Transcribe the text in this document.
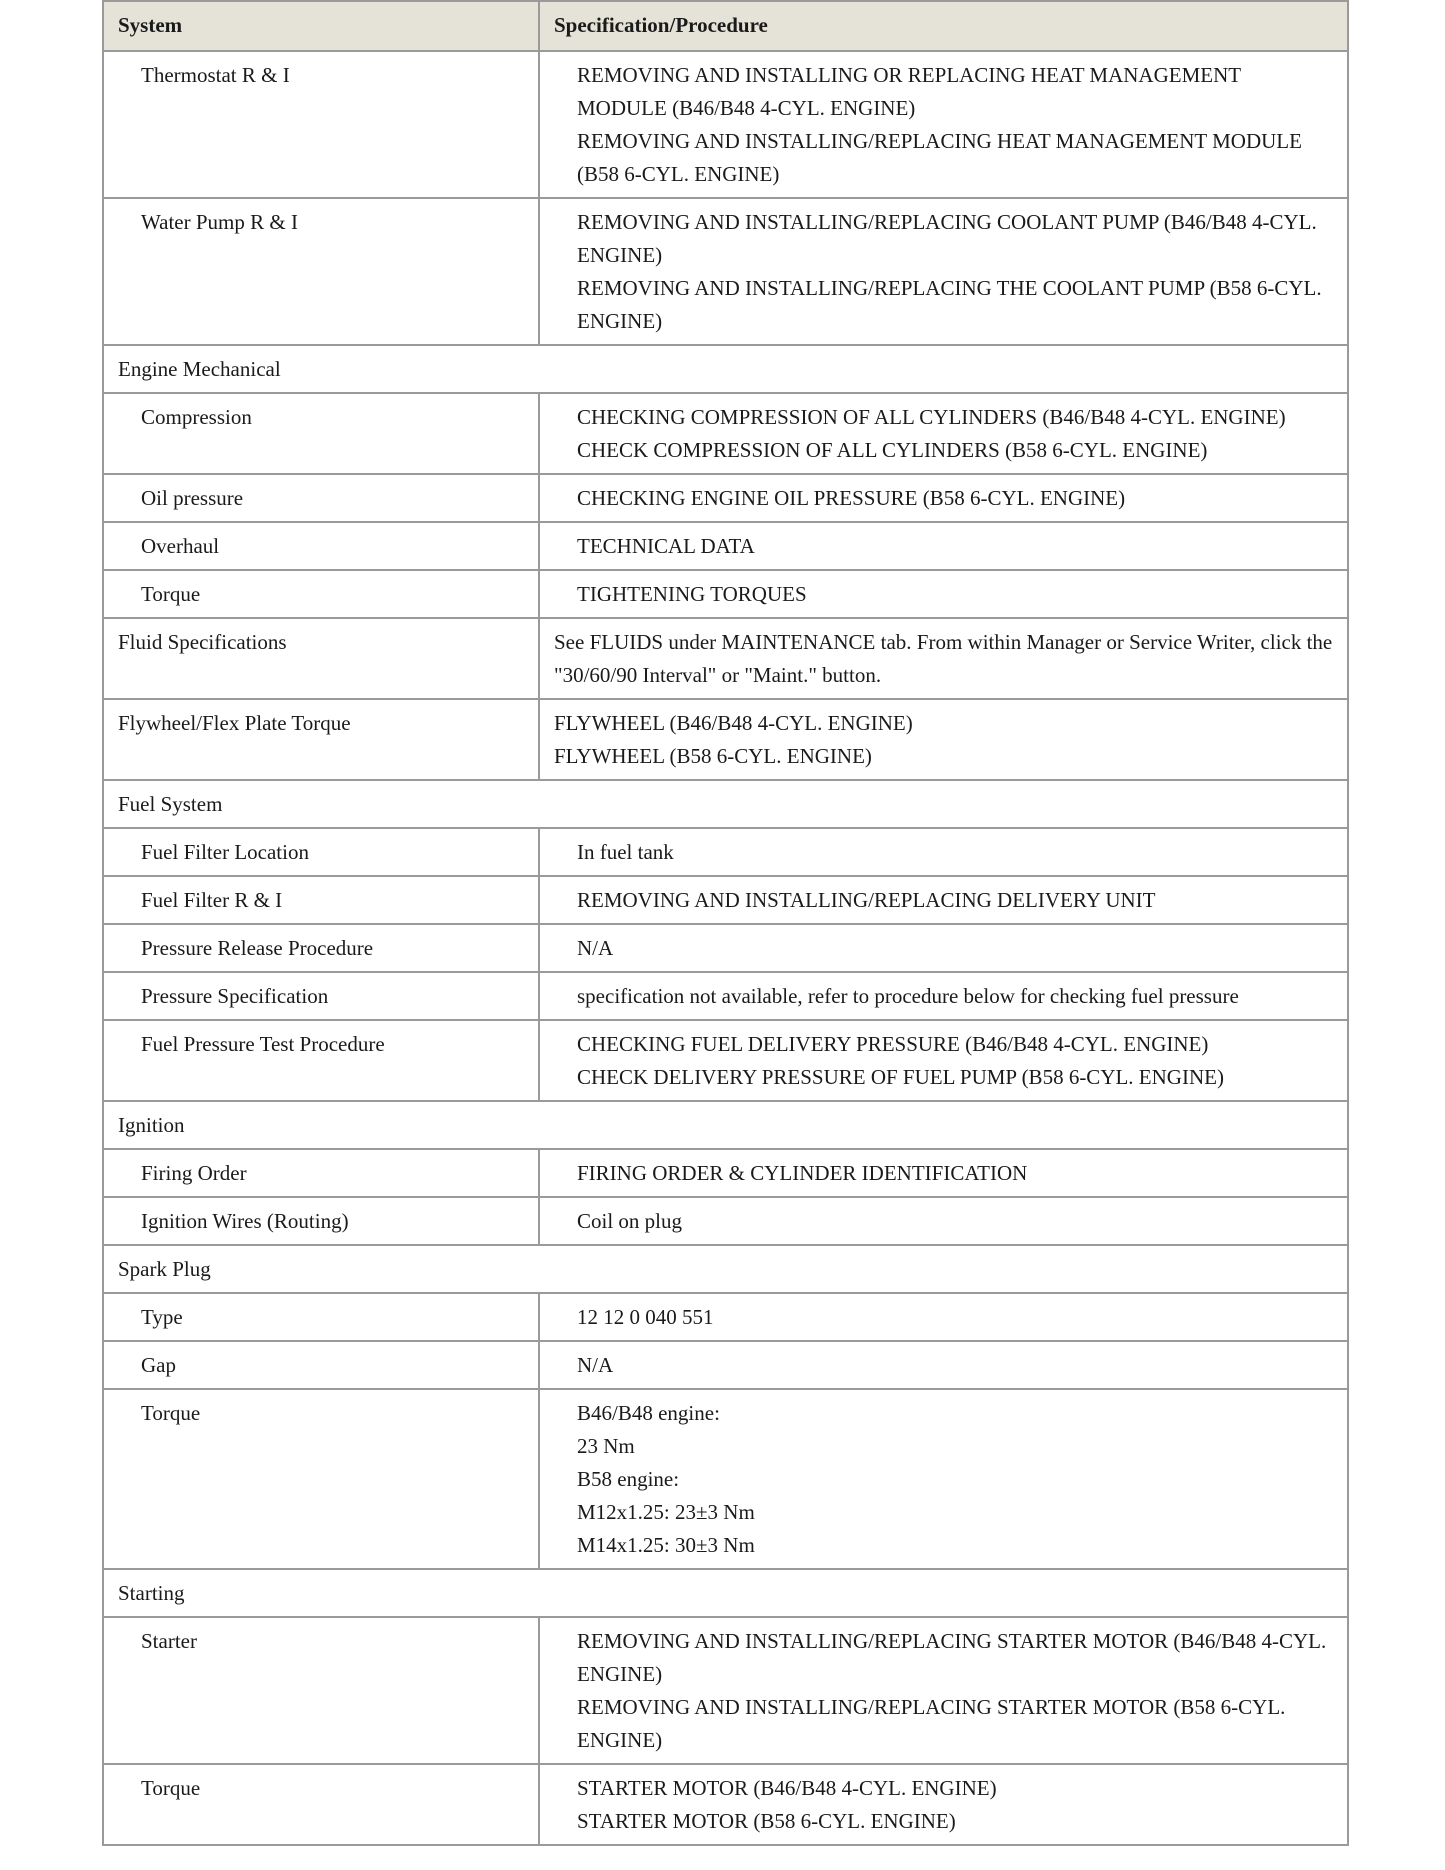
System	Specification/Procedure
Thermostat R & I	REMOVING AND INSTALLING OR REPLACING HEAT MANAGEMENT MODULE (B46/B48 4-CYL. ENGINE)
REMOVING AND INSTALLING/REPLACING HEAT MANAGEMENT MODULE (B58 6-CYL. ENGINE)

Water Pump R & I	REMOVING AND INSTALLING/REPLACING COOLANT PUMP (B46/B48 4-CYL. ENGINE)
REMOVING AND INSTALLING/REPLACING THE COOLANT PUMP (B58 6-CYL. ENGINE)

Engine Mechanical	
Compression	CHECKING COMPRESSION OF ALL CYLINDERS (B46/B48 4-CYL. ENGINE)
CHECK COMPRESSION OF ALL CYLINDERS (B58 6-CYL. ENGINE)

Oil pressure	CHECKING ENGINE OIL PRESSURE (B58 6-CYL. ENGINE)

Overhaul	TECHNICAL DATA

Torque	TIGHTENING TORQUES

Fluid Specifications	See FLUIDS under MAINTENANCE tab. From within Manager or Service Writer, click the "30/60/90 Interval" or "Maint." button.

Flywheel/Flex Plate Torque	FLYWHEEL (B46/B48 4-CYL. ENGINE)
FLYWHEEL (B58 6-CYL. ENGINE)

Fuel System	
Fuel Filter Location	In fuel tank

Fuel Filter R & I	REMOVING AND INSTALLING/REPLACING DELIVERY UNIT

Pressure Release Procedure	N/A

Pressure Specification	specification not available, refer to procedure below for checking fuel pressure

Fuel Pressure Test Procedure	CHECKING FUEL DELIVERY PRESSURE (B46/B48 4-CYL. ENGINE)
CHECK DELIVERY PRESSURE OF FUEL PUMP (B58 6-CYL. ENGINE)

Ignition	
Firing Order	FIRING ORDER & CYLINDER IDENTIFICATION

Ignition Wires (Routing)	Coil on plug

Spark Plug	
Type	12 12 0 040 551

Gap	N/A

Torque	B46/B48 engine:
23 Nm
B58 engine:
M12x1.25: 23±3 Nm
M14x1.25: 30±3 Nm

Starting	
Starter	REMOVING AND INSTALLING/REPLACING STARTER MOTOR (B46/B48 4-CYL. ENGINE)
REMOVING AND INSTALLING/REPLACING STARTER MOTOR (B58 6-CYL. ENGINE)

Torque	STARTER MOTOR (B46/B48 4-CYL. ENGINE)
STARTER MOTOR (B58 6-CYL. ENGINE)
